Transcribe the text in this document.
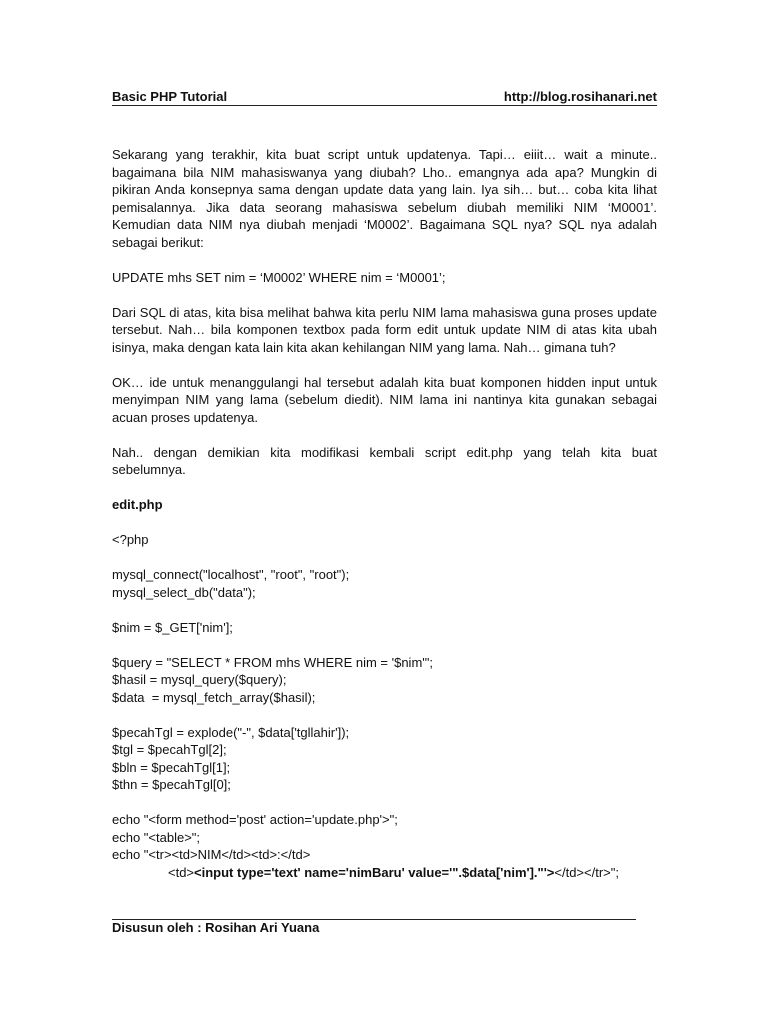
Basic PHP Tutorial	http://blog.rosihanari.net

Sekarang yang terakhir, kita buat script untuk updatenya. Tapi… eiiit… wait a minute.. bagaimana bila NIM mahasiswanya yang diubah? Lho.. emangnya ada apa? Mungkin di pikiran Anda konsepnya sama dengan update data yang lain. Iya sih… but… coba kita lihat pemisalannya. Jika data seorang mahasiswa sebelum diubah memiliki NIM ‘M0001’. Kemudian data NIM nya diubah menjadi ‘M0002’. Bagaimana SQL nya? SQL nya adalah sebagai berikut:

UPDATE mhs SET nim = ‘M0002’ WHERE nim = ‘M0001’;

Dari SQL di atas, kita bisa melihat bahwa kita perlu NIM lama mahasiswa guna proses update tersebut. Nah… bila komponen textbox pada form edit untuk update NIM di atas kita ubah isinya, maka dengan kata lain kita akan kehilangan NIM yang lama. Nah… gimana tuh?

OK… ide untuk menanggulangi hal tersebut adalah kita buat komponen hidden input untuk menyimpan NIM yang lama (sebelum diedit). NIM lama ini nantinya kita gunakan sebagai acuan proses updatenya.

Nah.. dengan demikian kita modifikasi kembali script edit.php yang telah kita buat sebelumnya.

edit.php

<?php
mysql_connect("localhost", "root", "root");
mysql_select_db("data");
$nim = $_GET['nim'];
$query = "SELECT * FROM mhs WHERE nim = '$nim'";
$hasil = mysql_query($query);
$data  = mysql_fetch_array($hasil);
$pecahTgl = explode("-", $data['tgllahir']);
$tgl = $pecahTgl[2];
$bln = $pecahTgl[1];
$thn = $pecahTgl[0];
echo "<form method='post' action='update.php'>";
echo "<table>";
echo "<tr><td>NIM</td><td>:</td>
<td><input type='text' name='nimBaru' value='".$data['nim']."'></td></tr>";
Disusun oleh : Rosihan Ari Yuana
